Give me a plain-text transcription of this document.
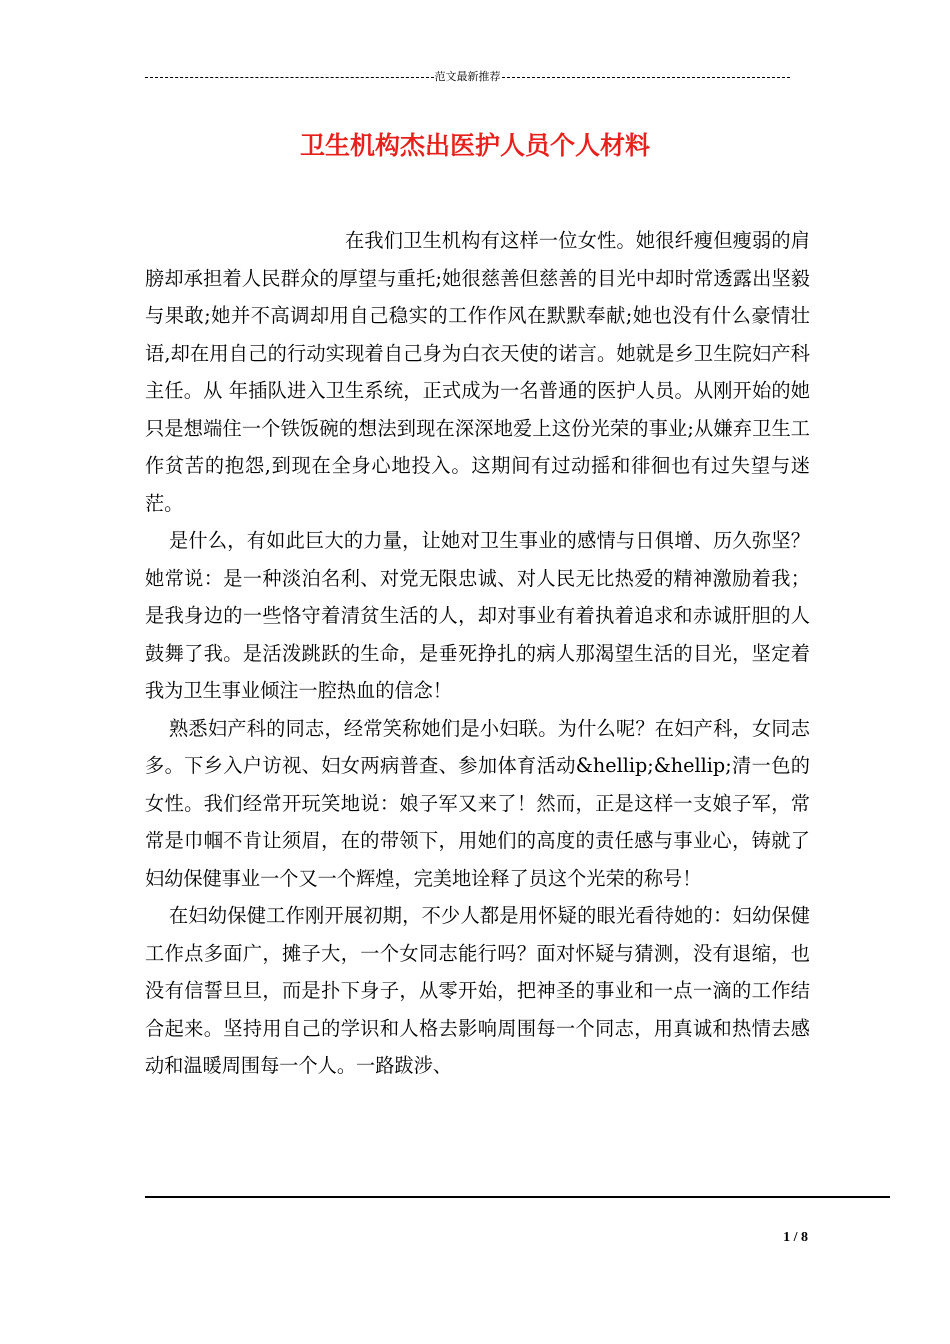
范文最新推荐
卫生机构杰出医护人员个人材料

在我们卫生机构有这样一位女性。她很纤瘦但瘦弱的肩膀却承担着人民群众的厚望与重托;她很慈善但慈善的目光中却时常透露出坚毅与果敢;她并不高调却用自己稳实的工作作风在默默奉献;她也没有什么豪情壮语,却在用自己的行动实现着自己身为白衣天使的诺言。她就是乡卫生院妇产科主任。从 年插队进入卫生系统，正式成为一名普通的医护人员。从刚开始的她只是想端住一个铁饭碗的想法到现在深深地爱上这份光荣的事业;从嫌弃卫生工作贫苦的抱怨,到现在全身心地投入。这期间有过动摇和徘徊也有过失望与迷茫。

是什么，有如此巨大的力量，让她对卫生事业的感情与日俱增、历久弥坚？她常说：是一种淡泊名利、对党无限忠诚、对人民无比热爱的精神激励着我；是我身边的一些恪守着清贫生活的人，却对事业有着执着追求和赤诚肝胆的人鼓舞了我。是活泼跳跃的生命，是垂死挣扎的病人那渴望生活的目光，坚定着我为卫生事业倾注一腔热血的信念！

熟悉妇产科的同志，经常笑称她们是小妇联。为什么呢？在妇产科，女同志多。下乡入户访视、妇女两病普查、参加体育活动&hellip;&hellip;清一色的女性。我们经常开玩笑地说：娘子军又来了！然而，正是这样一支娘子军，常常是巾帼不肯让须眉，在的带领下，用她们的高度的责任感与事业心，铸就了妇幼保健事业一个又一个辉煌，完美地诠释了员这个光荣的称号！

在妇幼保健工作刚开展初期，不少人都是用怀疑的眼光看待她的：妇幼保健工作点多面广，摊子大，一个女同志能行吗？面对怀疑与猜测，没有退缩，也没有信誓旦旦，而是扑下身子，从零开始，把神圣的事业和一点一滴的工作结合起来。坚持用自己的学识和人格去影响周围每一个同志，用真诚和热情去感动和温暖周围每一个人。一路跋涉、

1 / 8
